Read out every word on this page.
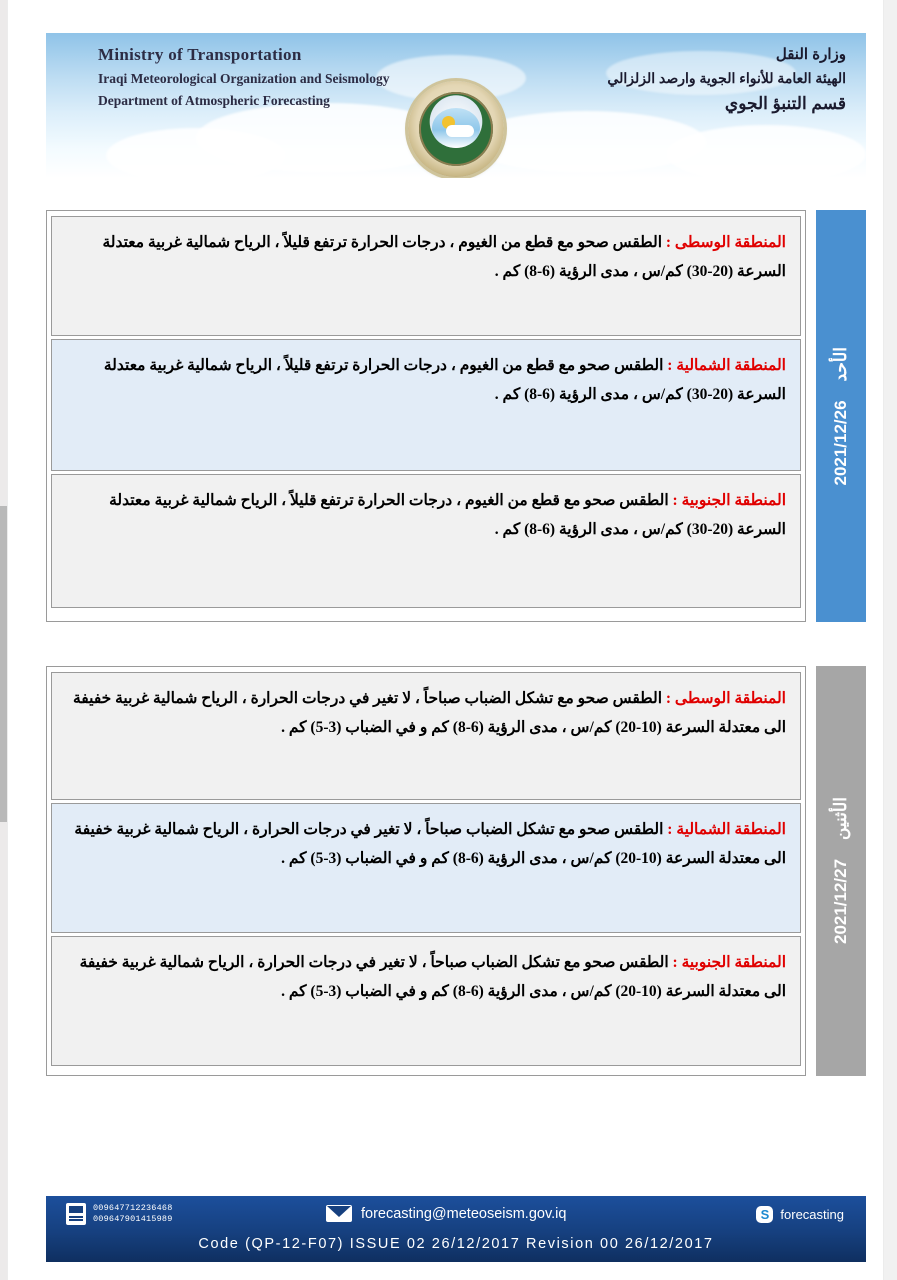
Ministry of Transportation
Iraqi Meteorological Organization and Seismology
Department of Atmospheric Forecasting
وزارة النقل
الهيئة العامة للأنواء الجوية وارصد الزلزالي
قسم التنبؤ الجوي
المنطقة الوسطى : الطقس صحو مع قطع من الغيوم ، درجات الحرارة ترتفع قليلاً ، الرياح شمالية غربية معتدلة السرعة (20-30) كم/س ، مدى الرؤية (6-8) كم .
المنطقة الشمالية : الطقس صحو مع قطع من الغيوم ، درجات الحرارة ترتفع قليلاً ، الرياح شمالية غربية معتدلة السرعة (20-30) كم/س ، مدى الرؤية (6-8) كم .
المنطقة الجنوبية : الطقس صحو مع قطع من الغيوم ، درجات الحرارة ترتفع قليلاً ، الرياح شمالية غربية معتدلة السرعة (20-30) كم/س ، مدى الرؤية (6-8) كم .
الأحد    2021/12/26
المنطقة الوسطى : الطقس صحو مع تشكل الضباب صباحاً ، لا تغير في درجات الحرارة ، الرياح شمالية غربية خفيفة الى معتدلة السرعة (10-20) كم/س ، مدى الرؤية (6-8) كم و في الضباب (3-5) كم .
المنطقة الشمالية : الطقس صحو مع تشكل الضباب صباحاً ، لا تغير في درجات الحرارة ، الرياح شمالية غربية خفيفة الى معتدلة السرعة (10-20) كم/س ، مدى الرؤية (6-8) كم و في الضباب (3-5) كم .
المنطقة الجنوبية : الطقس صحو مع تشكل الضباب صباحاً ، لا تغير في درجات الحرارة ، الرياح شمالية غربية خفيفة الى معتدلة السرعة (10-20) كم/س ، مدى الرؤية (6-8) كم و في الضباب (3-5) كم .
الأثنين    2021/12/27
009647712236468
009647901415989	forecasting@meteoseism.gov.iq	S forecasting
Code (QP-12-F07) ISSUE 02 26/12/2017 Revision 00 26/12/2017
